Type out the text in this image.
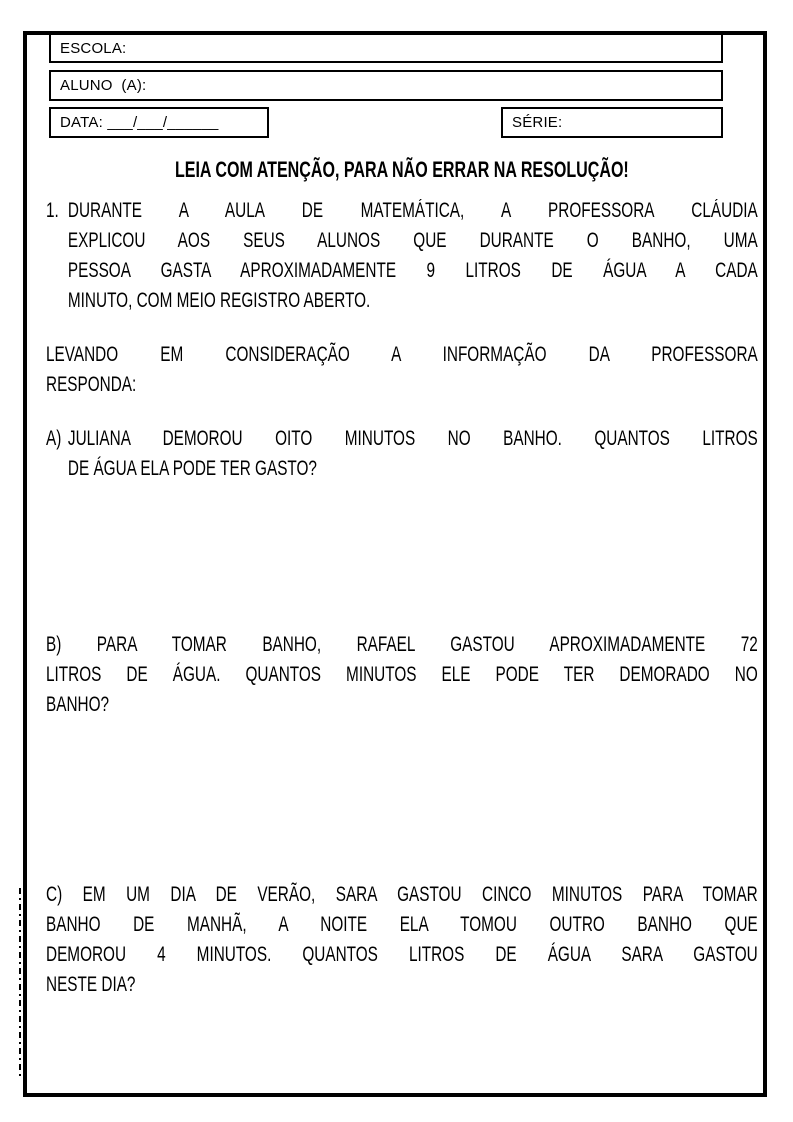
ESCOLA:
ALUNO  (A):
DATA: ___/___/______	SÉRIE:
LEIA COM ATENÇÃO, PARA NÃO ERRAR NA RESOLUÇÃO!
1. DURANTE A AULA DE MATEMÁTICA, A PROFESSORA CLÁUDIA
EXPLICOU AOS SEUS ALUNOS QUE DURANTE O BANHO, UMA
PESSOA GASTA APROXIMADAMENTE 9 LITROS DE ÁGUA A CADA
MINUTO, COM MEIO REGISTRO ABERTO.
LEVANDO EM CONSIDERAÇÃO A INFORMAÇÃO DA PROFESSORA
RESPONDA:
A) JULIANA DEMOROU OITO MINUTOS NO BANHO. QUANTOS LITROS
DE ÁGUA ELA PODE TER GASTO?
B) PARA TOMAR BANHO, RAFAEL GASTOU APROXIMADAMENTE 72
LITROS DE ÁGUA. QUANTOS MINUTOS ELE PODE TER DEMORADO NO
BANHO?
C) EM UM DIA DE VERÃO, SARA GASTOU CINCO MINUTOS PARA TOMAR
BANHO DE MANHÃ, A NOITE ELA TOMOU OUTRO BANHO QUE
DEMOROU 4 MINUTOS. QUANTOS LITROS DE ÁGUA SARA GASTOU
NESTE DIA?
